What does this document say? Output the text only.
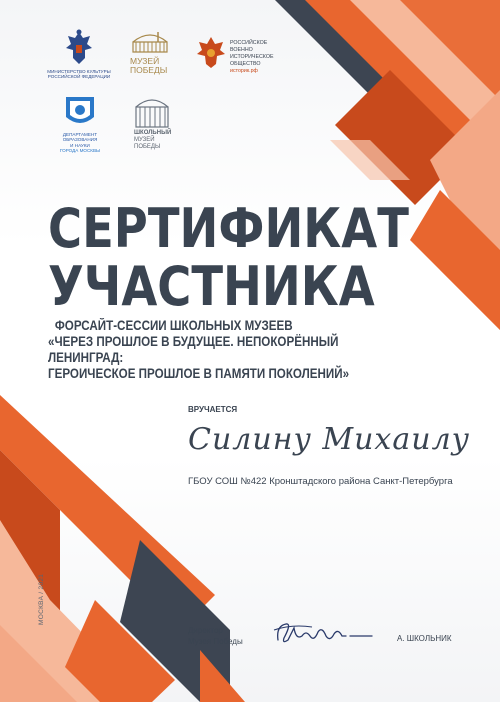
МИНИСТЕРСТВО КУЛЬТУРЫ
РОССИЙСКОЙ ФЕДЕРАЦИИ
МУЗЕЙ
ПОБЕДЫ
РОССИЙСКОЕ
ВОЕННО
ИСТОРИЧЕСКОЕ
ОБЩЕСТВО
историк.рф
ДЕПАРТАМЕНТ
ОБРАЗОВАНИЯ
И НАУКИ
ГОРОДА МОСКВЫ
ШКОЛЬНЫЙ
МУЗЕЙ
ПОБЕДЫ
СЕРТИФИКАТ
УЧАСТНИКА
ФОРСАЙТ-СЕССИИ ШКОЛЬНЫХ МУЗЕЕВ
«ЧЕРЕЗ ПРОШЛОЕ В БУДУЩЕЕ. НЕПОКОРЁННЫЙ ЛЕНИНГРАД:
ГЕРОИЧЕСКОЕ ПРОШЛОЕ В ПАМЯТИ ПОКОЛЕНИЙ»
ВРУЧАЕТСЯ
Силину Михаилу
ГБОУ СОШ №422 Кронштадского района Санкт-Петербурга
МОСКВА / 2021
Директор
Музея Победы	А. ШКОЛЬНИК
